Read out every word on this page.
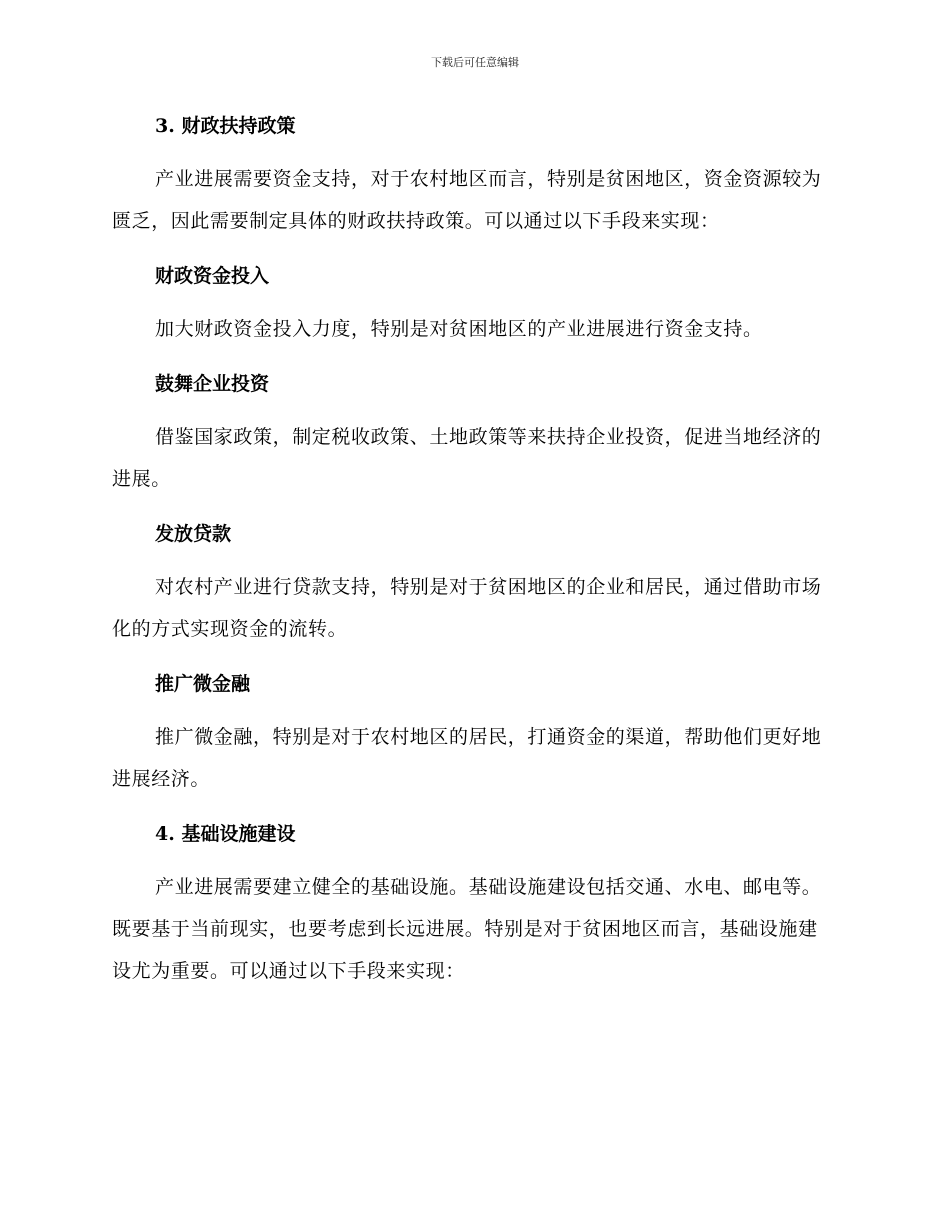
下载后可任意编辑
3. 财政扶持政策

产业进展需要资金支持，对于农村地区而言，特别是贫困地区，资金资源较为匮乏，因此需要制定具体的财政扶持政策。可以通过以下手段来实现：

财政资金投入

加大财政资金投入力度，特别是对贫困地区的产业进展进行资金支持。

鼓舞企业投资

借鉴国家政策，制定税收政策、土地政策等来扶持企业投资，促进当地经济的进展。

发放贷款

对农村产业进行贷款支持，特别是对于贫困地区的企业和居民，通过借助市场化的方式实现资金的流转。

推广微金融

推广微金融，特别是对于农村地区的居民，打通资金的渠道，帮助他们更好地进展经济。

4. 基础设施建设

产业进展需要建立健全的基础设施。基础设施建设包括交通、水电、邮电等。既要基于当前现实，也要考虑到长远进展。特别是对于贫困地区而言，基础设施建设尤为重要。可以通过以下手段来实现：
